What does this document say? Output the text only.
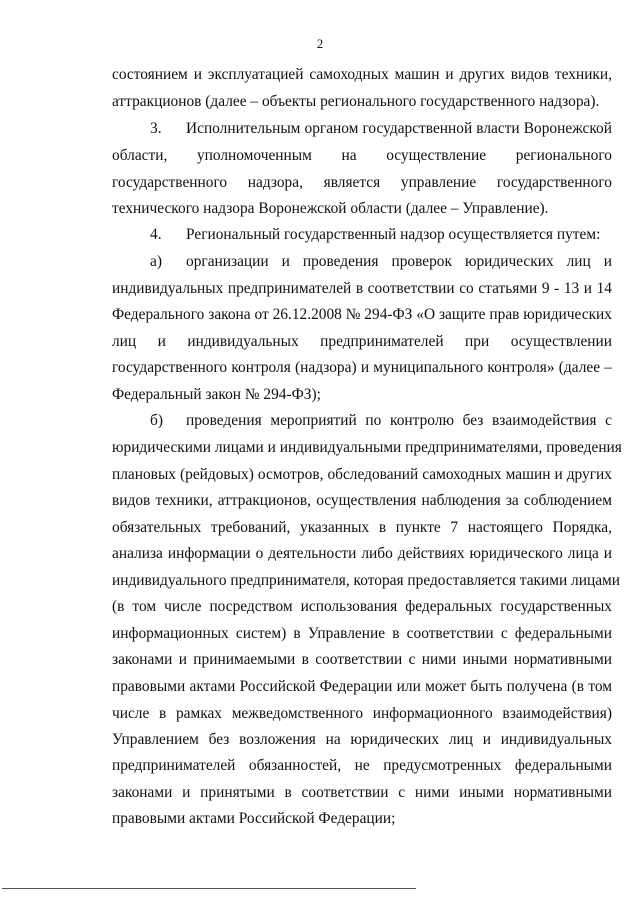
2
состоянием и эксплуатацией самоходных машин и других видов техники,
аттракционов (далее – объекты регионального государственного надзора).
3. Исполнительным органом государственной власти Воронежской
области, уполномоченным на осуществление регионального
государственного надзора, является управление государственного
технического надзора Воронежской области (далее – Управление).
4. Региональный государственный надзор осуществляется путем:
а) организации и проведения проверок юридических лиц и
индивидуальных предпринимателей в соответствии со статьями 9 - 13 и 14
Федерального закона от 26.12.2008 № 294-ФЗ «О защите прав юридических
лиц и индивидуальных предпринимателей при осуществлении
государственного контроля (надзора) и муниципального контроля» (далее –
Федеральный закон № 294-ФЗ);
б) проведения мероприятий по контролю без взаимодействия с
юридическими лицами и индивидуальными предпринимателями, проведения
плановых (рейдовых) осмотров, обследований самоходных машин и других
видов техники, аттракционов, осуществления наблюдения за соблюдением
обязательных требований, указанных в пункте 7 настоящего Порядка,
анализа информации о деятельности либо действиях юридического лица и
индивидуального предпринимателя, которая предоставляется такими лицами
(в том числе посредством использования федеральных государственных
информационных систем) в Управление в соответствии с федеральными
законами и принимаемыми в соответствии с ними иными нормативными
правовыми актами Российской Федерации или может быть получена (в том
числе в рамках межведомственного информационного взаимодействия)
Управлением без возложения на юридических лиц и индивидуальных
предпринимателей обязанностей, не предусмотренных федеральными
законами и принятыми в соответствии с ними иными нормативными
правовыми актами Российской Федерации;
